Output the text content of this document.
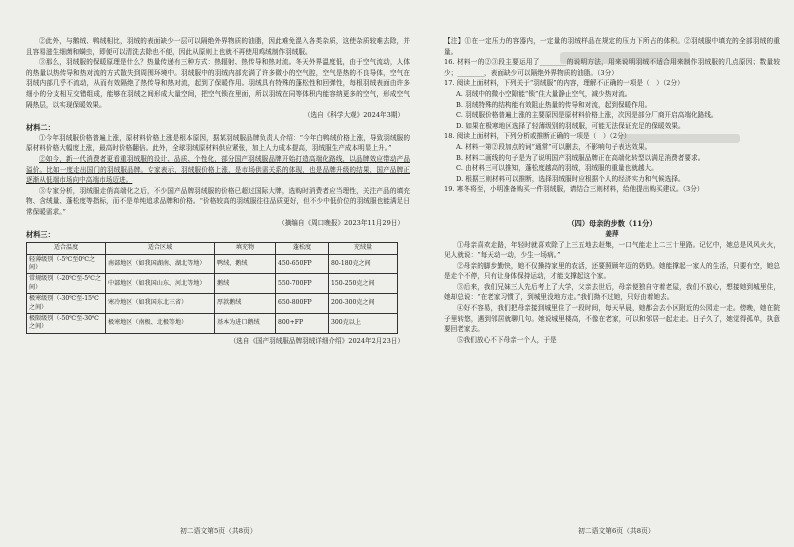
②此外，与鹅绒、鸭绒相比，羽绒的表面缺少一层可以隔绝外界物质的油脂，因此难免混入各类杂质，这使杂质较难去除，并且容易滋生细菌和螨虫，即便可以清洗去除也不便，因此从原则上也就不再使用鸡绒制作羽绒服。

③那么，羽绒服的保暖原理是什么？热量传递有三种方式：热辐射、热传导和热对流。冬天外界温度低，由于空气流动，人体的热量以热传导和热对流的方式散失到周围环境中。羽绒服中的羽绒内部充满了许多微小的空气腔，空气是热的不良导体，空气在羽绒内部几乎不流动，从而有效隔绝了热传导和热对流，起到了保暖作用。羽绒具有特殊的蓬松性和回弹性，每根羽绒表面由许多细小的分支相互交错组成，能够在羽绒之间形成大量空间，把空气锁在里面，所以羽绒在同等体积内能容纳更多的空气，形成空气隔热层，以实现保暖效果。

（选自《科学大观》2024年3期）

材料二：

①今年羽绒服价格普遍上涨，原材料价格上涨是根本原因，据某羽绒服品牌负责人介绍：“今年白鸭绒价格上涨，导致羽绒服的原材料价格大幅度上涨，最高时价格翻倍。此外，全球羽绒原材料供应紧张，加上人力成本提高，羽绒服生产成本明显上升。”

②如今，新一代消费者更看重羽绒服的设计、品质、个性化，部分国产羽绒服品牌开始打造高端化路线，以品牌效应带动产品溢价。比如一度走出国门的羽绒服品牌。专家表示，羽绒服价格上涨，是市场供需关系的体现，也是品牌升级的结果，国产品牌正逐渐从低端市场向中高端市场迈进。

③专家分析，羽绒服走俏高端化之后，不少国产品牌羽绒服的价格已超过国际大牌，选购时消费者应当理性，关注产品的填充物、含绒量、蓬松度等指标，而不是单纯追求品牌和价格。“价格较高的羽绒服往往品质更好，但不少中低价位的羽绒服也能满足日常保暖需求。”

（摘编自《周口晚报》2023年11月29日）

材料三：

适合温度	适合区域	填充物	蓬松度	充绒量
轻薄级别（-5℃至0℃之间）	南部地区（如我国湖南、湖北等地）	鸭绒、鹅绒	450-650FP	80-180克之间
常规级别（-20℃至-5℃之间）	中部地区（如我国山东、河北等地）	鹅绒	550-700FP	150-250克之间
极寒级别（-30℃至-15℃之间）	寒冷地区（如我国东北三省）	厚款鹅绒	650-800FP	200-300克之间
极限级别（-50℃至-30℃之间）	极寒地区（南极、北极等地）	基本为进口鹅绒	800+FP	300克以上

（选自《国产羽绒服品牌羽绒详细介绍》2024年2月23日）

初二语文第5页（共8页）

【注】①在一定压力的容器内，一定量的羽绒样品在规定的压力下所占的体积。②羽绒服中填充的全部羽绒的重量。

16. 材料一的②③段主要运用了________的说明方法，用来说明羽绒不适合用来制作羽绒服的几点原因；数量较少；________，表面缺少可以隔绝外界物质的油脂。（3分）

17. 阅读上面材料，下列关于“羽绒服”的内容，理解不正确的一项是（　）（2分）

A. 羽绒中的微小空隙能“锁”住大量静止空气，减少热对流。

B. 羽绒特殊的结构能有效阻止热量的传导和对流，起到保暖作用。

C. 羽绒服价格普遍上涨的主要原因是原材料价格上涨，次因是部分厂商开启高端化路线。

D. 如果在极寒地区选择了轻薄级别的羽绒服，可能无法保证充足的保暖效果。

18. 阅读上面材料，下列分析或推断正确的一项是（　）（2分）

A. 材料一第②段加点的词“通常”可以删去，不影响句子表达效果。

B. 材料二画线的句子是为了说明国产羽绒服品牌正在高端化转型以满足消费者要求。

C. 由材料三可以推知，蓬松度越高的羽绒，羽绒服的重量也就越大。

D. 根据三则材料可以推断，选择羽绒服时应根据个人的经济实力和气候选择。

19. 寒冬将至，小明准备购买一件羽绒服，请结合三则材料，给他提出购买建议。（3分）

（四）母亲的步数（11分）

姜萍

①母亲喜欢走路，年轻时就喜欢除了上三五地去赶集，一口气能走上二三十里路。记忆中，她总是风风火火，见人就说：“每天动一动，少生一场病。”

②母亲的脚步勤快，她不仅操持家里的农活，还要照顾年迈的奶奶。她能撑起一家人的生活，只要有空，她总是走个不停，只有让身体保持运动，才能支撑起这个家。

③后来，我们兄妹三人先后考上了大学，父亲去世后，母亲便独自守着老屋，我们不放心，想接她到城里住，她却总说：“在老家习惯了，到城里没地方走。”我们拗不过她，只好由着她去。

④好不容易，我们把母亲接到城里住了一段时间，每天早晨，她都会去小区附近的公园走一走。傍晚，她在院子里转悠，遇到邻居就聊几句。她说城里楼高，不像在老家，可以和邻居一起走走。日子久了，她觉得孤单，执意要回老家去。

⑤我们放心不下母亲一个人，于是

初二语文第6页（共8页）
